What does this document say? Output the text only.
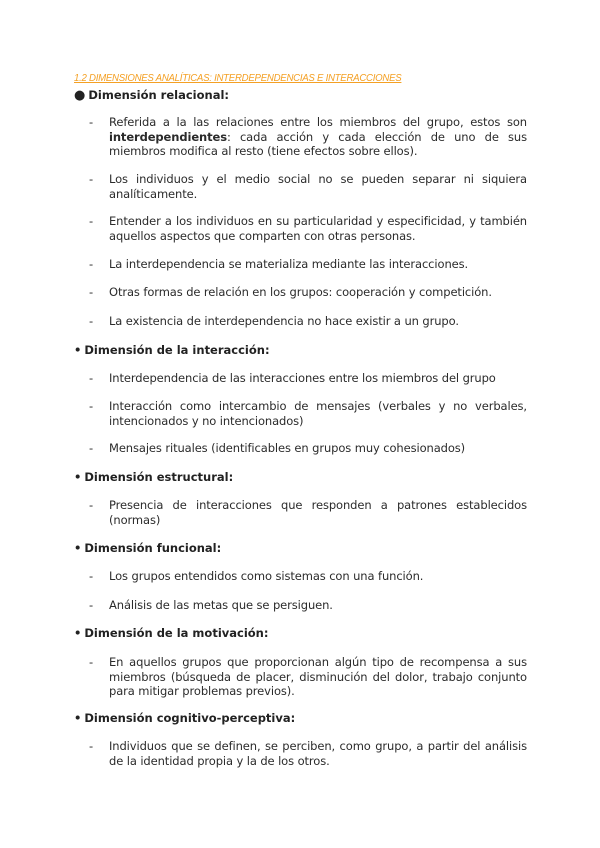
1.2 DIMENSIONES ANALÍTICAS: INTERDEPENDENCIAS E INTERACCIONES
● Dimensión relacional:
- Referida a la las relaciones entre los miembros del grupo, estos son interdependientes: cada acción y cada elección de uno de sus miembros modifica al resto (tiene efectos sobre ellos).
- Los individuos y el medio social no se pueden separar ni siquiera analíticamente.
- Entender a los individuos en su particularidad y especificidad, y también aquellos aspectos que comparten con otras personas.
- La interdependencia se materializa mediante las interacciones.
- Otras formas de relación en los grupos: cooperación y competición.
- La existencia de interdependencia no hace existir a un grupo.
• Dimensión de la interacción:
- Interdependencia de las interacciones entre los miembros del grupo
- Interacción como intercambio de mensajes (verbales y no verbales, intencionados y no intencionados)
- Mensajes rituales (identificables en grupos muy cohesionados)
• Dimensión estructural:
- Presencia de interacciones que responden a patrones establecidos (normas)
• Dimensión funcional:
- Los grupos entendidos como sistemas con una función.
- Análisis de las metas que se persiguen.
• Dimensión de la motivación:
- En aquellos grupos que proporcionan algún tipo de recompensa a sus miembros (búsqueda de placer, disminución del dolor, trabajo conjunto para mitigar problemas previos).
• Dimensión cognitivo-perceptiva:
- Individuos que se definen, se perciben, como grupo, a partir del análisis de la identidad propia y la de los otros.
